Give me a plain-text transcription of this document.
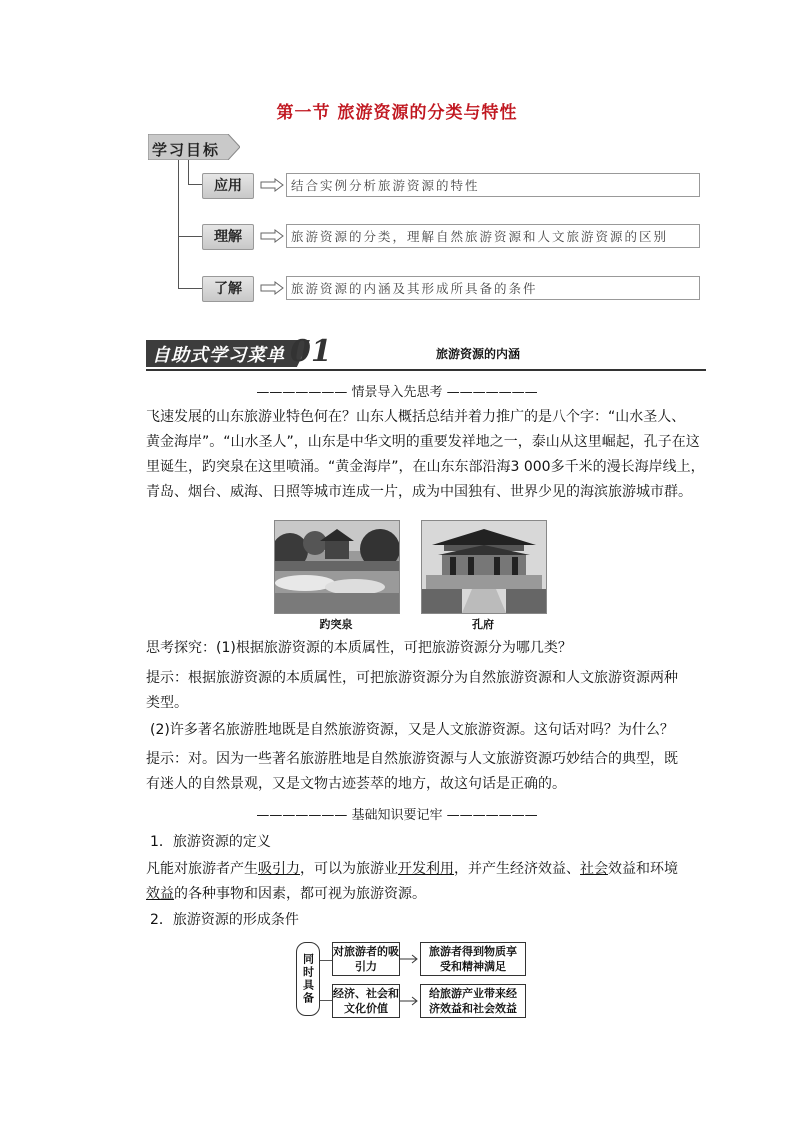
第一节 旅游资源的分类与特性
学习目标
应用	结合实例分析旅游资源的特性
理解	旅游资源的分类，理解自然旅游资源和人文旅游资源的区别
了解	旅游资源的内涵及其形成所具备的条件
自助式学习菜单 01	旅游资源的内涵
——————— 情景导入先思考 ———————
飞速发展的山东旅游业特色何在？山东人概括总结并着力推广的是八个字：“山水圣人、
黄金海岸”。“山水圣人”，山东是中华文明的重要发祥地之一，泰山从这里崛起，孔子在这
里诞生，趵突泉在这里喷涌。“黄金海岸”，在山东东部沿海3 000多千米的漫长海岸线上，
青岛、烟台、威海、日照等城市连成一片，成为中国独有、世界少见的海滨旅游城市群。
趵突泉	孔府
思考探究：(1)根据旅游资源的本质属性，可把旅游资源分为哪几类？
提示：根据旅游资源的本质属性，可把旅游资源分为自然旅游资源和人文旅游资源两种
类型。
(2)许多著名旅游胜地既是自然旅游资源，又是人文旅游资源。这句话对吗？为什么？
提示：对。因为一些著名旅游胜地是自然旅游资源与人文旅游资源巧妙结合的典型，既
有迷人的自然景观，又是文物古迹荟萃的地方，故这句话是正确的。
——————— 基础知识要记牢 ———————
1．旅游资源的定义
凡能对旅游者产生吸引力，可以为旅游业开发利用，并产生经济效益、社会效益和环境
效益的各种事物和因素，都可视为旅游资源。
2．旅游资源的形成条件
同时具备
对旅游者的吸引力
经济、社会和文化价值
旅游者得到物质享受和精神满足
给旅游产业带来经济效益和社会效益
